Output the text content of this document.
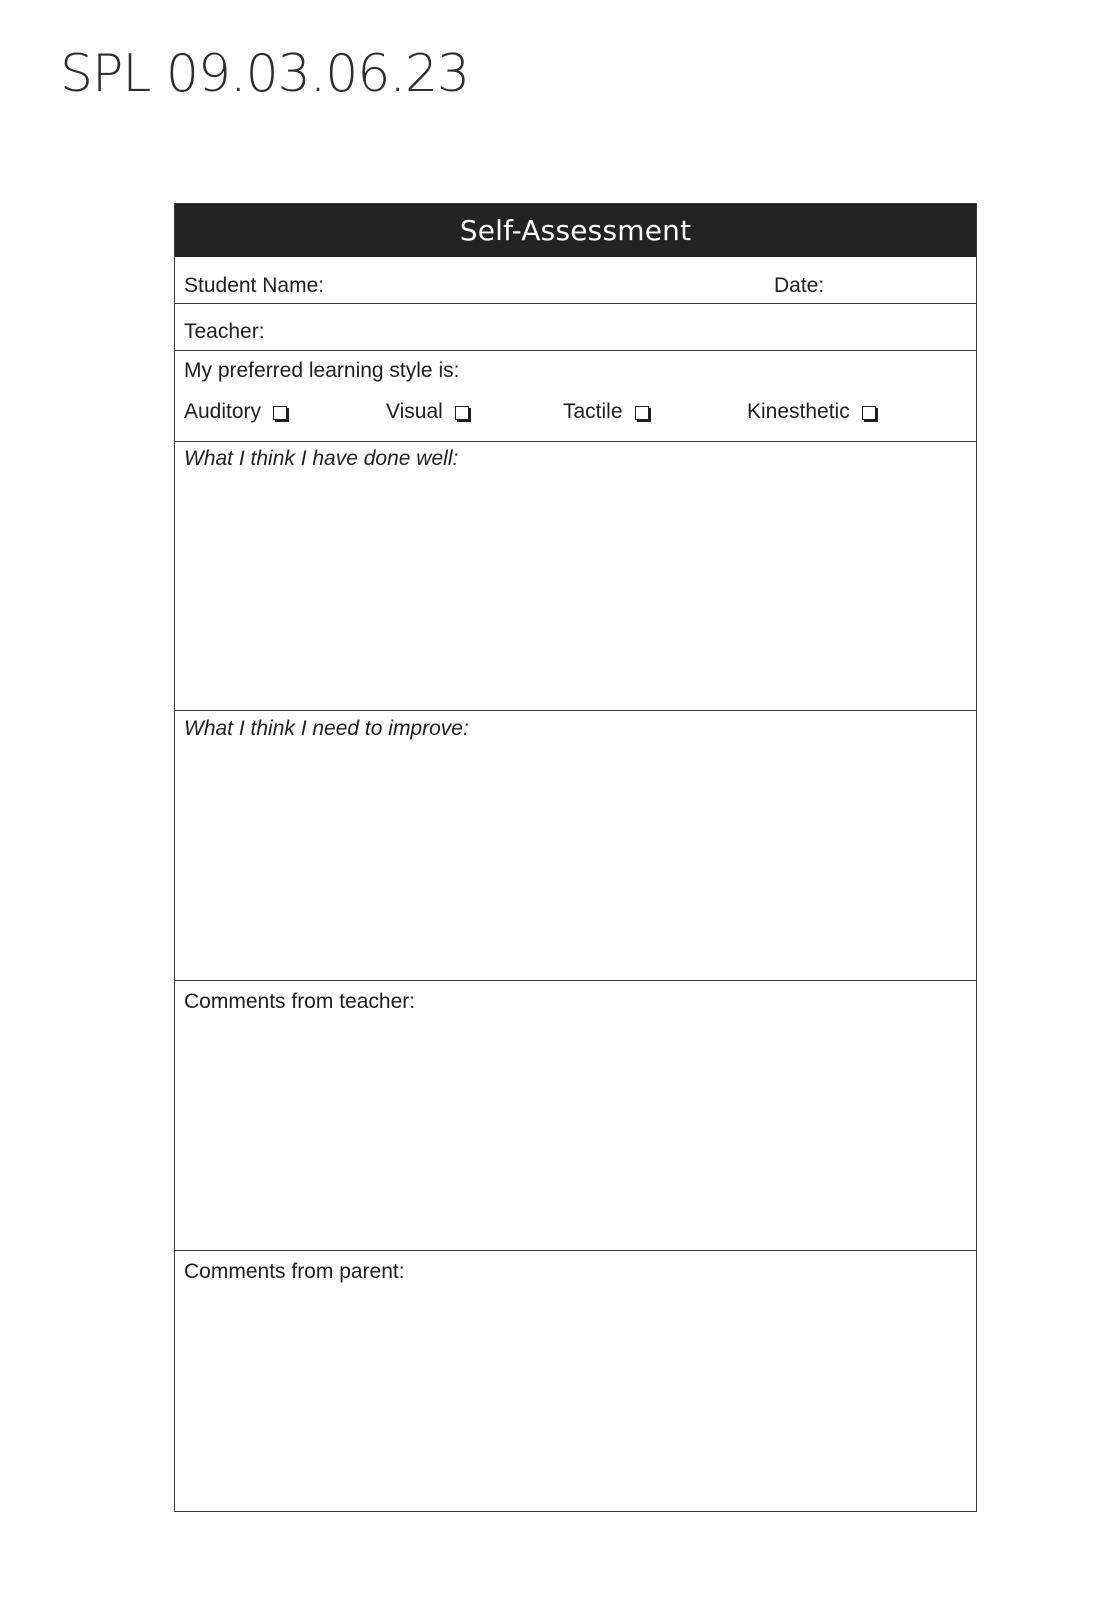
SPL 09.03.06.23
Self-Assessment
Student Name:	Date:
Teacher:
My preferred learning style is:
Auditory	Visual	Tactile	Kinesthetic
What I think I have done well:
What I think I need to improve:
Comments from teacher:
Comments from parent:
